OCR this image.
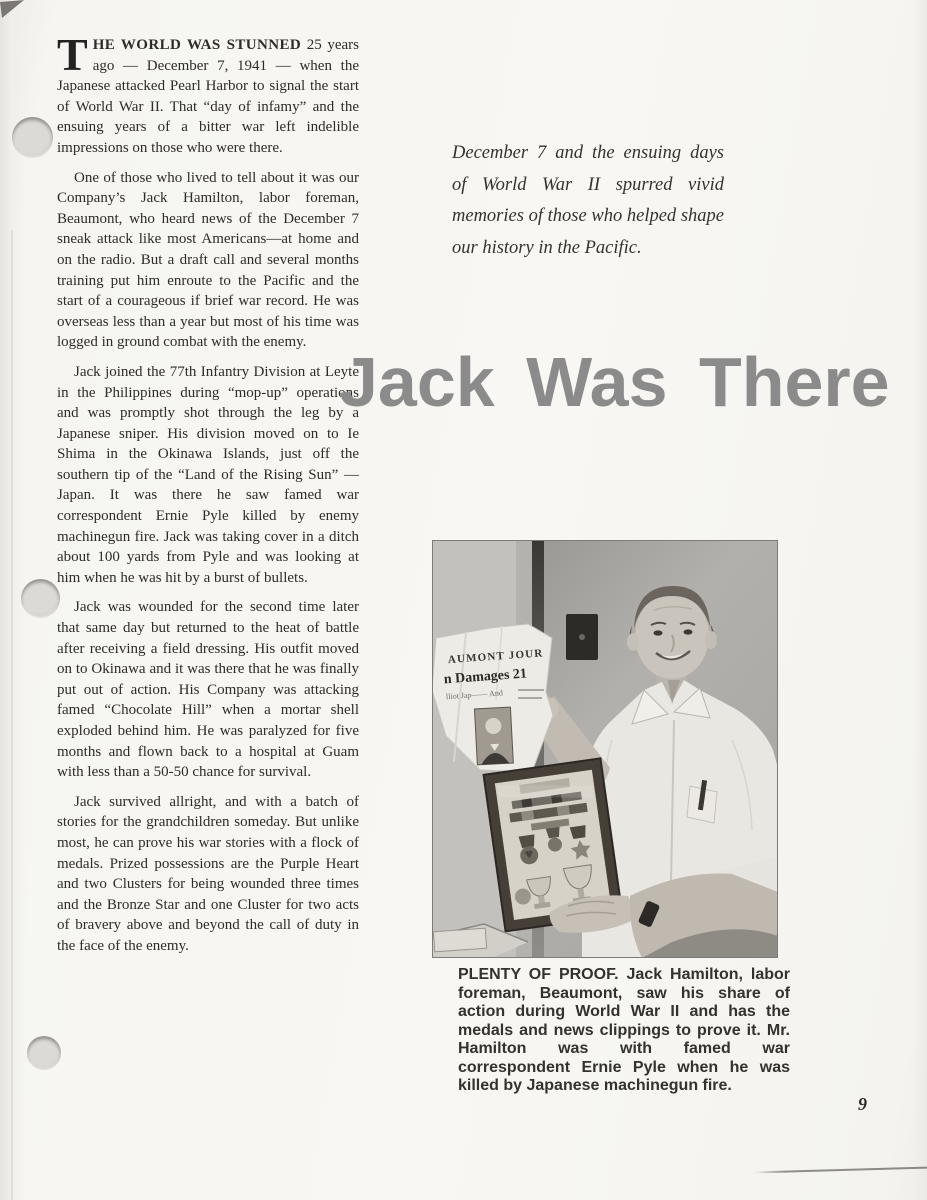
T HE WORLD WAS STUNNED 25 years ago — December 7, 1941 — when the Japanese attacked Pearl Harbor to signal the start of World War II. That “day of infamy” and the ensuing years of a bitter war left indelible impressions on those who were there.

One of those who lived to tell about it was our Company’s Jack Hamilton, labor foreman, Beaumont, who heard news of the December 7 sneak attack like most Americans—at home and on the radio. But a draft call and several months training put him enroute to the Pacific and the start of a courageous if brief war record. He was overseas less than a year but most of his time was logged in ground combat with the enemy.

Jack joined the 77th Infantry Division at Leyte in the Philippines during “mop-up” operations and was promptly shot through the leg by a Japanese sniper. His division moved on to Ie Shima in the Okinawa Islands, just off the southern tip of the “Land of the Rising Sun” — Japan. It was there he saw famed war correspondent Ernie Pyle killed by enemy machinegun fire. Jack was taking cover in a ditch about 100 yards from Pyle and was looking at him when he was hit by a burst of bullets.

Jack was wounded for the second time later that same day but returned to the heat of battle after receiving a field dressing. His outfit moved on to Okinawa and it was there that he was finally put out of action. His Company was attacking famed “Chocolate Hill” when a mortar shell exploded behind him. He was paralyzed for five months and flown back to a hospital at Guam with less than a 50-50 chance for survival.

Jack survived allright, and with a batch of stories for the grandchildren someday. But unlike most, he can prove his war stories with a flock of medals. Prized possessions are the Purple Heart and two Clusters for being wounded three times and the Bronze Star and one Cluster for two acts of bravery above and beyond the call of duty in the face of the enemy.

December 7 and the ensuing days
of World War II spurred vivid
memories of those who helped shape
our history in the Pacific.
Jack Was There
AUMONT JOUR
n Damages 21
lliot Jap—— And
PLENTY OF PROOF. Jack Hamilton, labor foreman, Beaumont, saw his share of action during World War II and has the medals and news clippings to prove it. Mr. Hamilton was with famed war correspondent Ernie Pyle when he was killed by Japanese machinegun fire.
9
